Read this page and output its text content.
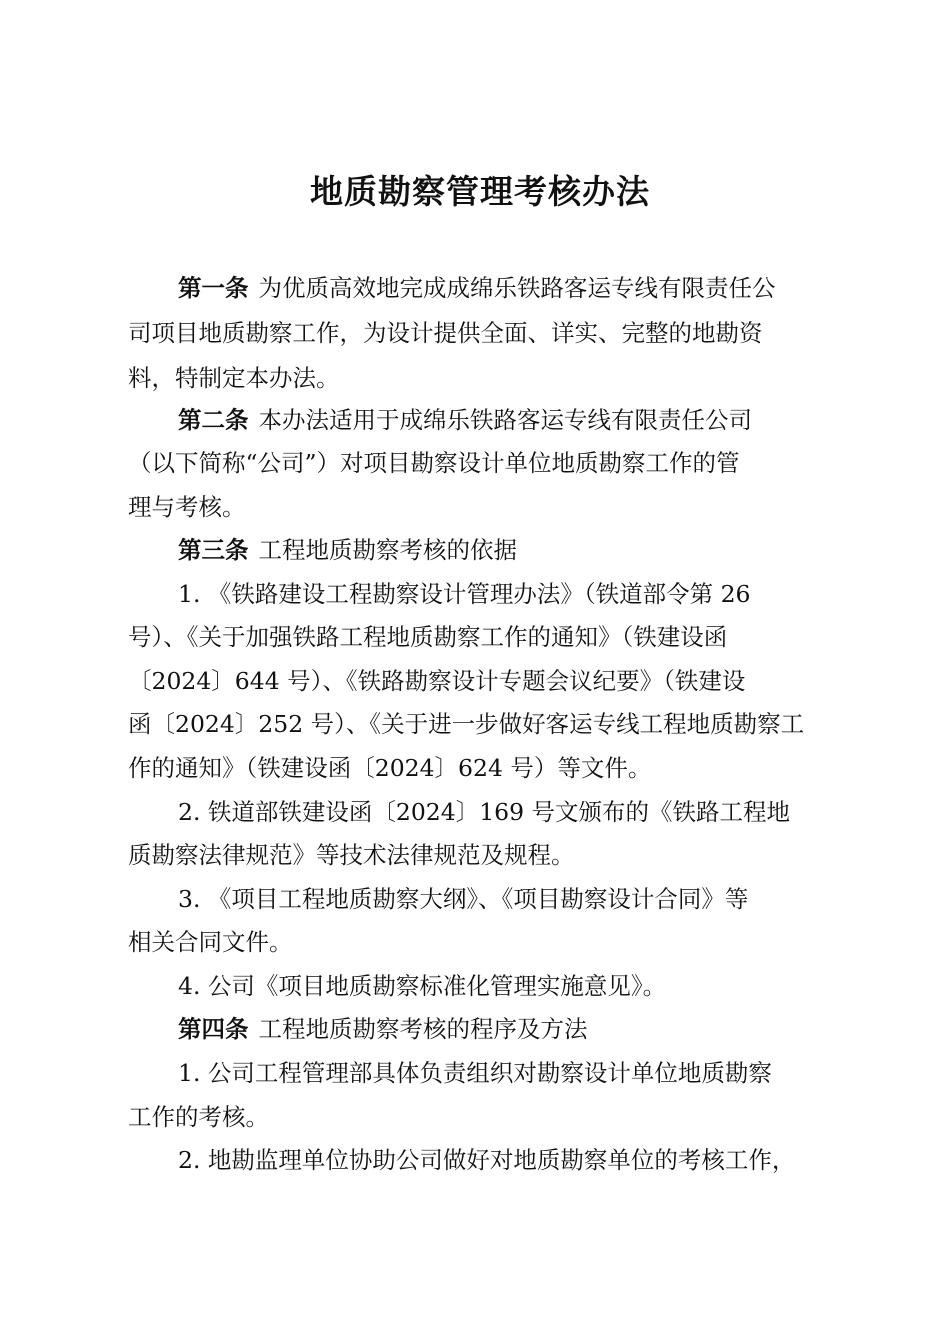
地质勘察管理考核办法
第一条 为优质高效地完成成绵乐铁路客运专线有限责任公
司项目地质勘察工作，为设计提供全面、详实、完整的地勘资
料，特制定本办法。
第二条 本办法适用于成绵乐铁路客运专线有限责任公司
（以下简称“公司”）对项目勘察设计单位地质勘察工作的管
理与考核。
第三条 工程地质勘察考核的依据
1. 《铁路建设工程勘察设计管理办法》（铁道部令第 26
号）、《关于加强铁路工程地质勘察工作的通知》（铁建设函
〔2024〕644 号）、《铁路勘察设计专题会议纪要》（铁建设
函〔2024〕252 号）、《关于进一步做好客运专线工程地质勘察工
作的通知》（铁建设函〔2024〕624 号）等文件。
2. 铁道部铁建设函〔2024〕169 号文颁布的《铁路工程地
质勘察法律规范》等技术法律规范及规程。
3. 《项目工程地质勘察大纲》、《项目勘察设计合同》等
相关合同文件。
4. 公司《项目地质勘察标准化管理实施意见》。
第四条 工程地质勘察考核的程序及方法
1. 公司工程管理部具体负责组织对勘察设计单位地质勘察
工作的考核。
2. 地勘监理单位协助公司做好对地质勘察单位的考核工作，
